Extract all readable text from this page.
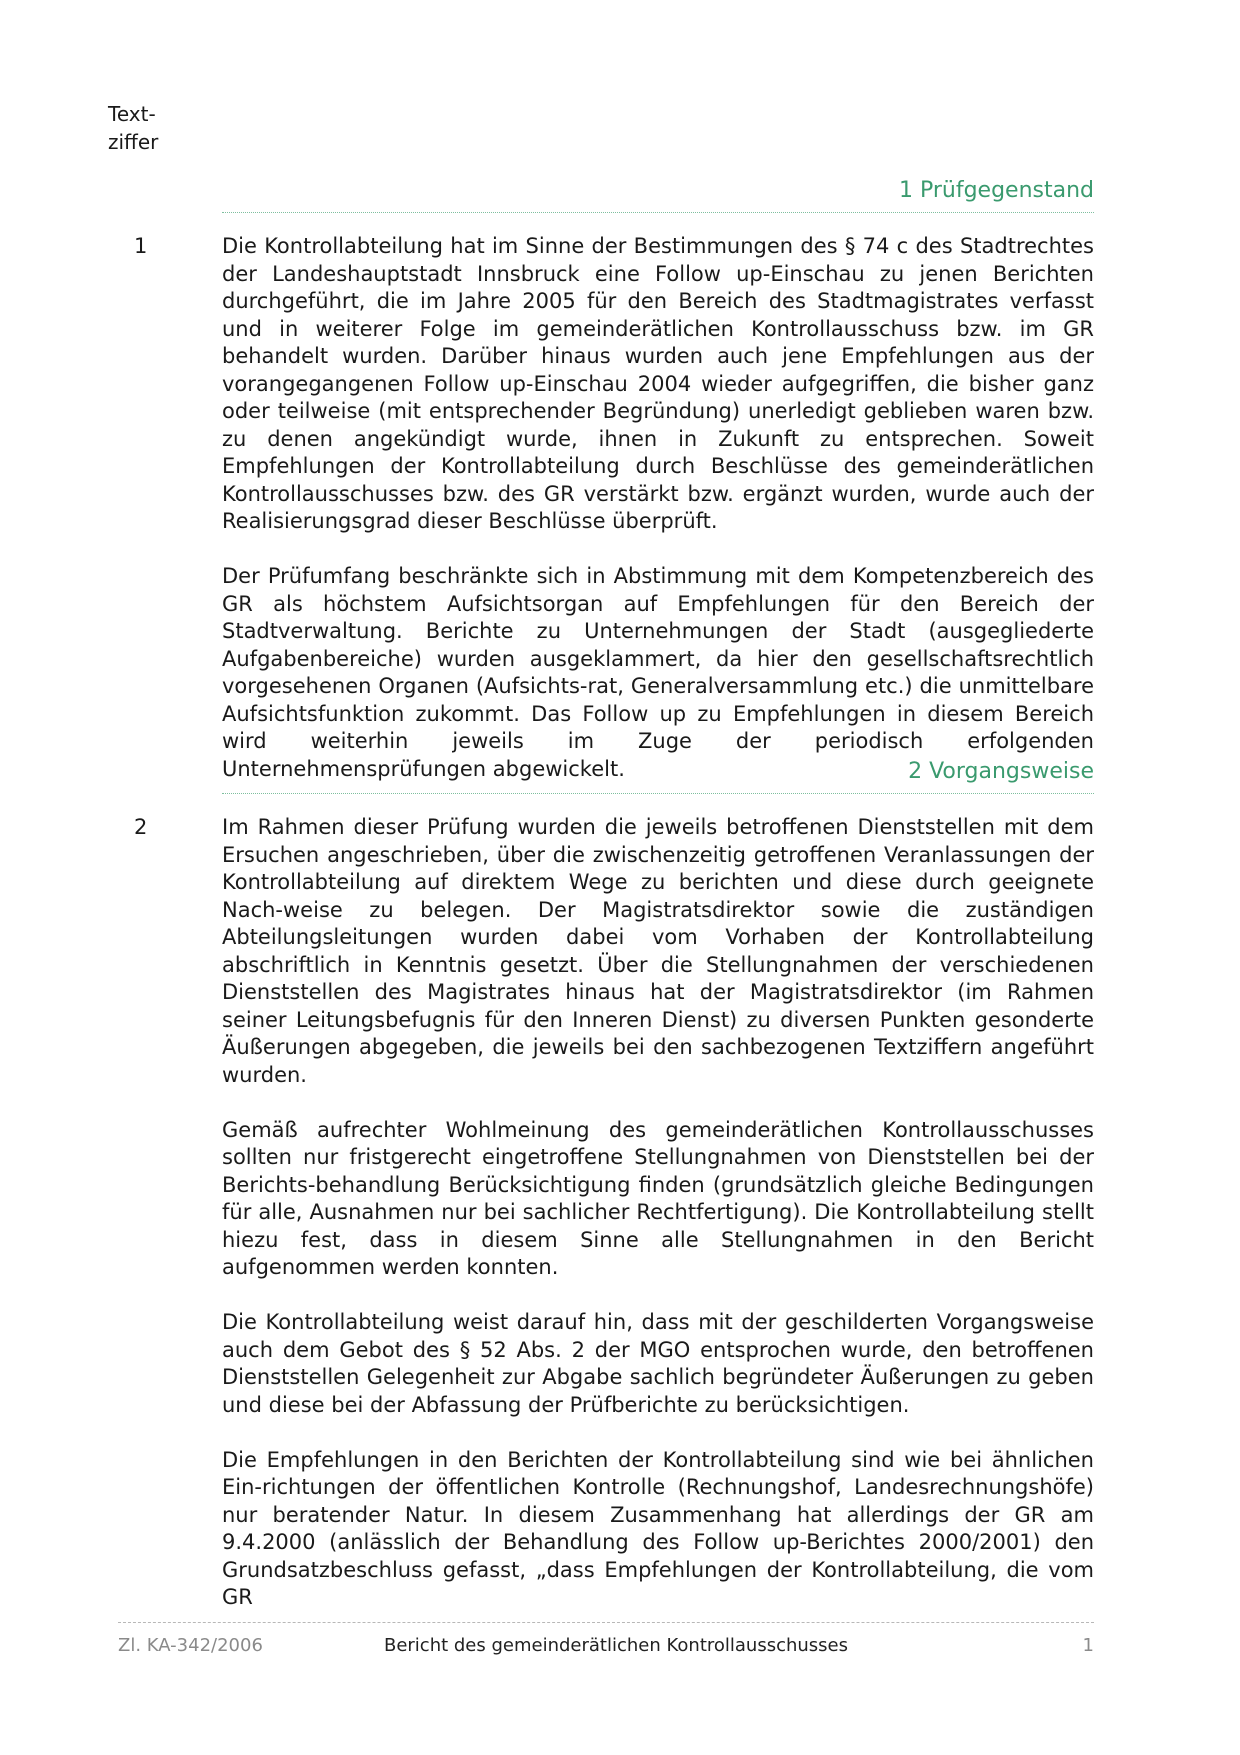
Text-
ziffer
1 Prüfgegenstand
1	Die Kontrollabteilung hat im Sinne der Bestimmungen des § 74 c des Stadtrechtes der Landeshauptstadt Innsbruck eine Follow up-Einschau zu jenen Berichten durchgeführt, die im Jahre 2005 für den Bereich des Stadtmagistrates verfasst und in weiterer Folge im gemeinderätlichen Kontrollausschuss bzw. im GR behandelt wurden. Darüber hinaus wurden auch jene Empfehlungen aus der vorangegangenen Follow up-Einschau 2004 wieder aufgegriffen, die bisher ganz oder teilweise (mit entsprechender Begründung) unerledigt geblieben waren bzw. zu denen angekündigt wurde, ihnen in Zukunft zu entsprechen. Soweit Empfehlungen der Kontrollabteilung durch Beschlüsse des gemeinderätlichen Kontrollausschusses bzw. des GR verstärkt bzw. ergänzt wurden, wurde auch der Realisierungsgrad dieser Beschlüsse überprüft.

Der Prüfumfang beschränkte sich in Abstimmung mit dem Kompetenzbereich des GR als höchstem Aufsichtsorgan auf Empfehlungen für den Bereich der Stadtverwaltung. Berichte zu Unternehmungen der Stadt (ausgegliederte Aufgabenbereiche) wurden ausgeklammert, da hier den gesellschaftsrechtlich vorgesehenen Organen (Aufsichts-rat, Generalversammlung etc.) die unmittelbare Aufsichtsfunktion zukommt. Das Follow up zu Empfehlungen in diesem Bereich wird weiterhin jeweils im Zuge der periodisch erfolgenden Unternehmensprüfungen abgewickelt.	2 Vorgangsweise
2	Im Rahmen dieser Prüfung wurden die jeweils betroffenen Dienststellen mit dem Ersuchen angeschrieben, über die zwischenzeitig getroffenen Veranlassungen der Kontrollabteilung auf direktem Wege zu berichten und diese durch geeignete Nach-weise zu belegen. Der Magistratsdirektor sowie die zuständigen Abteilungsleitungen wurden dabei vom Vorhaben der Kontrollabteilung abschriftlich in Kenntnis gesetzt. Über die Stellungnahmen der verschiedenen Dienststellen des Magistrates hinaus hat der Magistratsdirektor (im Rahmen seiner Leitungsbefugnis für den Inneren Dienst) zu diversen Punkten gesonderte Äußerungen abgegeben, die jeweils bei den sachbezogenen Textziffern angeführt wurden.

Gemäß aufrechter Wohlmeinung des gemeinderätlichen Kontrollausschusses sollten nur fristgerecht eingetroffene Stellungnahmen von Dienststellen bei der Berichts-behandlung Berücksichtigung finden (grundsätzlich gleiche Bedingungen für alle, Ausnahmen nur bei sachlicher Rechtfertigung). Die Kontrollabteilung stellt hiezu fest, dass in diesem Sinne alle Stellungnahmen in den Bericht aufgenommen werden konnten.

Die Kontrollabteilung weist darauf hin, dass mit der geschilderten Vorgangsweise auch dem Gebot des § 52 Abs. 2 der MGO entsprochen wurde, den betroffenen Dienststellen Gelegenheit zur Abgabe sachlich begründeter Äußerungen zu geben und diese bei der Abfassung der Prüfberichte zu berücksichtigen.

Die Empfehlungen in den Berichten der Kontrollabteilung sind wie bei ähnlichen Ein-richtungen der öffentlichen Kontrolle (Rechnungshof, Landesrechnungshöfe) nur beratender Natur. In diesem Zusammenhang hat allerdings der GR am 9.4.2000 (anlässlich der Behandlung des Follow up-Berichtes 2000/2001) den Grundsatzbeschluss gefasst, „dass Empfehlungen der Kontrollabteilung, die vom GR

Zl. KA-342/2006	Bericht des gemeinderätlichen Kontrollausschusses	1
